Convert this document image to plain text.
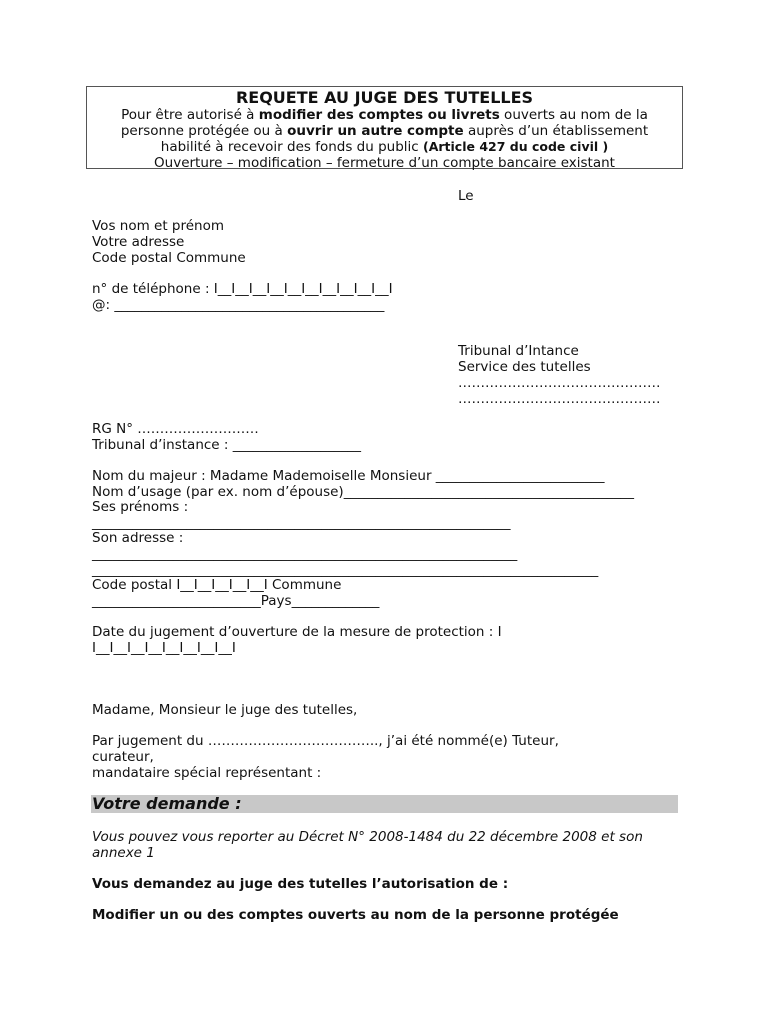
REQUETE AU JUGE DES TUTELLES
Pour être autorisé à modifier des comptes ou livrets ouverts au nom de la
personne protégée ou à ouvrir un autre compte auprès d’un établissement
habilité à recevoir des fonds du public (Article 427 du code civil )
Ouverture – modification – fermeture d’un compte bancaire existant
Le
Vos nom et prénom
Votre adresse
Code postal Commune
n° de téléphone : I__I__I__I__I__I__I__I__I__I__I
@: ________________________________________
Tribunal d’Intance
Service des tutelles
………………………………………
………………………………………
RG N° ………………………
Tribunal d’instance : ___________________
Nom du majeur : Madame Mademoiselle Monsieur _________________________
Nom d’usage (par ex. nom d’épouse)___________________________________________
Ses prénoms :
______________________________________________________________
Son adresse :
_______________________________________________________________
___________________________________________________________________________
Code postal I__I__I__I__I__I Commune
_________________________Pays_____________
Date du jugement d’ouverture de la mesure de protection : I
I__I__I__I__I__I__I__I__I
Madame, Monsieur le juge des tutelles,
Par jugement du ……………………………….., j’ai été nommé(e) Tuteur,
curateur,
mandataire spécial représentant :
Votre demande :
Vous pouvez vous reporter au Décret N° 2008-1484 du 22 décembre 2008 et son
annexe 1
Vous demandez au juge des tutelles l’autorisation de :
Modifier un ou des comptes ouverts au nom de la personne protégée
